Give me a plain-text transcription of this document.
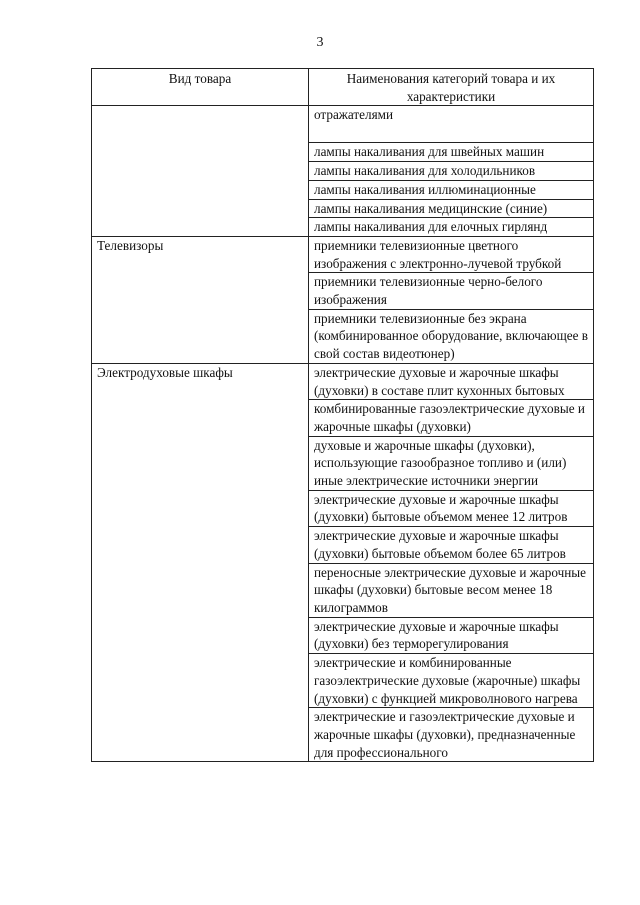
3
Вид товара	Наименования категорий товара и их характеристики
	отражателями
	лампы накаливания для швейных машин
	лампы накаливания для холодильников
	лампы накаливания иллюминационные
	лампы накаливания медицинские (синие)
	лампы накаливания для елочных гирлянд
Телевизоры	приемники телевизионные цветного изображения с электронно-лучевой трубкой
	приемники телевизионные черно-белого изображения
	приемники телевизионные без экрана (комбинированное оборудование, включающее в свой состав видеотюнер)
Электродуховые шкафы	электрические духовые и жарочные шкафы (духовки) в составе плит кухонных бытовых
	комбинированные газоэлектрические духовые и жарочные шкафы (духовки)
	духовые и жарочные шкафы (духовки), использующие газообразное топливо и (или) иные электрические источники энергии
	электрические духовые и жарочные шкафы (духовки) бытовые объемом менее 12 литров
	электрические духовые и жарочные шкафы (духовки) бытовые объемом более 65 литров
	переносные электрические духовые и жарочные шкафы (духовки) бытовые весом менее 18 килограммов
	электрические духовые и жарочные шкафы (духовки) без терморегулирования
	электрические и комбинированные газоэлектрические духовые (жарочные) шкафы (духовки) с функцией микроволнового нагрева
	электрические и газоэлектрические духовые и жарочные шкафы (духовки), предназначенные для профессионального
